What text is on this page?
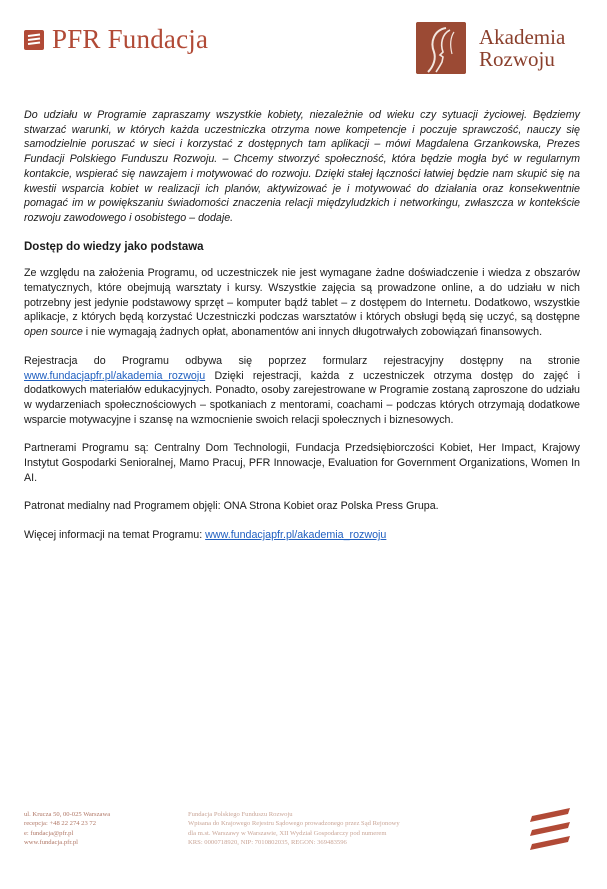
PFR Fundacja	Akademia
Rozwoju

Do udziału w Programie zapraszamy wszystkie kobiety, niezależnie od wieku czy sytuacji życiowej. Będziemy stwarzać warunki, w których każda uczestniczka otrzyma nowe kompetencje i poczuje sprawczość, nauczy się samodzielnie poruszać w sieci i korzystać z dostępnych tam aplikacji – mówi Magdalena Grzankowska, Prezes Fundacji Polskiego Funduszu Rozwoju. – Chcemy stworzyć społeczność, która będzie mogła być w regularnym kontakcie, wspierać się nawzajem i motywować do rozwoju. Dzięki stałej łączności łatwiej będzie nam skupić się na kwestii wsparcia kobiet w realizacji ich planów, aktywizować je i motywować do działania oraz konsekwentnie pomagać im w powiększaniu świadomości znaczenia relacji międzyludzkich i networkingu, zwłaszcza w kontekście rozwoju zawodowego i osobistego – dodaje.

Dostęp do wiedzy jako podstawa

Ze względu na założenia Programu, od uczestniczek nie jest wymagane żadne doświadczenie i wiedza z obszarów tematycznych, które obejmują warsztaty i kursy. Wszystkie zajęcia są prowadzone online, a do udziału w nich potrzebny jest jedynie podstawowy sprzęt – komputer bądź tablet – z dostępem do Internetu. Dodatkowo, wszystkie aplikacje, z których będą korzystać Uczestniczki podczas warsztatów i których obsługi będą się uczyć, są dostępne open source i nie wymagają żadnych opłat, abonamentów ani innych długotrwałych zobowiązań finansowych.

Rejestracja do Programu odbywa się poprzez formularz rejestracyjny dostępny na stronie www.fundacjapfr.pl/akademia_rozwoju Dzięki rejestracji, każda z uczestniczek otrzyma dostęp do zajęć i dodatkowych materiałów edukacyjnych. Ponadto, osoby zarejestrowane w Programie zostaną zaproszone do udziału w wydarzeniach społecznościowych – spotkaniach z mentorami, coachami – podczas których otrzymają dodatkowe wsparcie motywacyjne i szansę na wzmocnienie swoich relacji społecznych i biznesowych.

Partnerami Programu są: Centralny Dom Technologii, Fundacja Przedsiębiorczości Kobiet, Her Impact, Krajowy Instytut Gospodarki Senioralnej, Mamo Pracuj, PFR Innowacje, Evaluation for Government Organizations, Women In AI.

Patronat medialny nad Programem objęli: ONA Strona Kobiet oraz Polska Press Grupa.

Więcej informacji na temat Programu: www.fundacjapfr.pl/akademia_rozwoju

ul. Krucza 50, 00-025 Warszawa
recepcja: +48 22 274 23 72
e: fundacja@pfr.pl
www.fundacja.pfr.pl
Fundacja Polskiego Funduszu Rozwoju
Wpisana do Krajowego Rejestru Sądowego prowadzonego przez Sąd Rejonowy
dla m.st. Warszawy w Warszawie, XII Wydział Gospodarczy pod numerem
KRS: 0000718920, NIP: 7010802035, REGON: 369483596
